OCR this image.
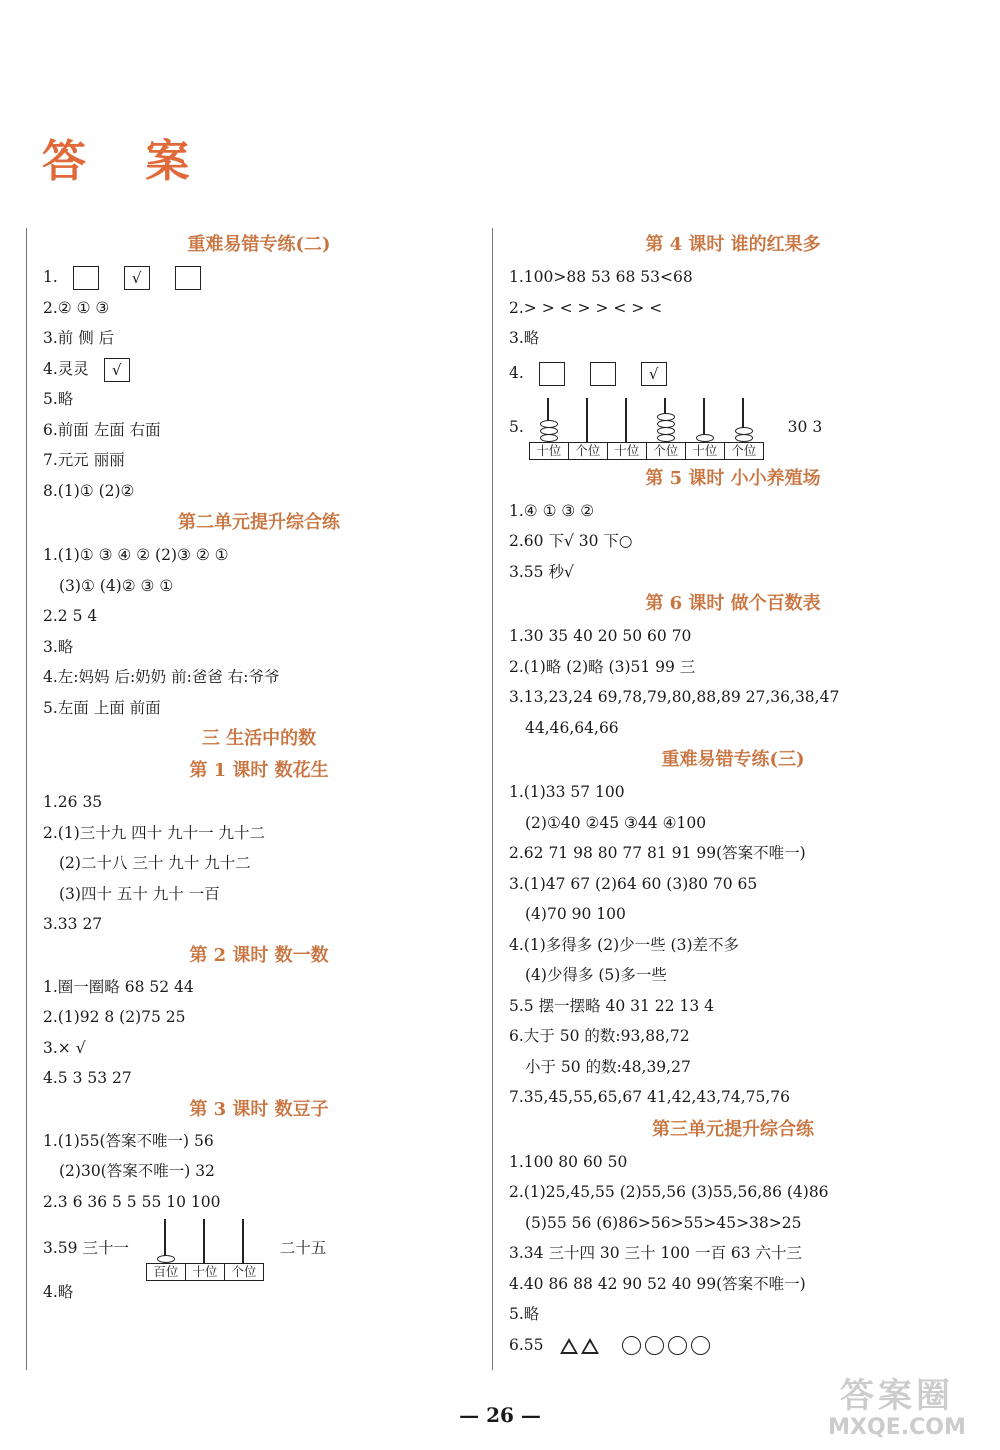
答 案
重难易错专练(二)
1.	√
2.② ① ③
3.前 侧 后
4.灵灵 √
5.略
6.前面 左面 右面
7.元元 丽丽
8.(1)① (2)②
第二单元提升综合练
1.(1)① ③ ④ ② (2)③ ② ①
(3)① (4)② ③ ①
2.2 5 4
3.略
4.左:妈妈 后:奶奶 前:爸爸 右:爷爷
5.左面 上面 前面
三 生活中的数
第 1 课时 数花生
1.26 35
2.(1)三十九 四十 九十一 九十二
(2)二十八 三十 九十 九十二
(3)四十 五十 九十 一百
3.33 27
第 2 课时 数一数
1.圈一圈略 68 52 44
2.(1)92 8 (2)75 25
3.× √
4.5 3 53 27
第 3 课时 数豆子
1.(1)55(答案不唯一) 56
(2)30(答案不唯一) 32
2.3 6 36 5 5 55 10 100
3.59 三十一
百位	十位	个位
二十五
4.略
第 4 课时 谁的红果多
1.100>88 53 68 53<68
2.> > < > > < > <
3.略
4.	√
5.
十位	个位	十位	个位	十位	个位
30 3
第 5 课时 小小养殖场
1.④ ① ③ ②
2.60 下√ 30 下○
3.55 秒√
第 6 课时 做个百数表
1.30 35 40 20 50 60 70
2.(1)略 (2)略 (3)51 99 三
3.13,23,24 69,78,79,80,88,89 27,36,38,47
44,46,64,66
重难易错专练(三)
1.(1)33 57 100
(2)①40 ②45 ③44 ④100
2.62 71 98 80 77 81 91 99(答案不唯一)
3.(1)47 67 (2)64 60 (3)80 70 65
(4)70 90 100
4.(1)多得多 (2)少一些 (3)差不多
(4)少得多 (5)多一些
5.5 摆一摆略 40 31 22 13 4
6.大于 50 的数:93,88,72
小于 50 的数:48,39,27
7.35,45,55,65,67 41,42,43,74,75,76
第三单元提升综合练
1.100 80 60 50
2.(1)25,45,55 (2)55,56 (3)55,56,86 (4)86
(5)55 56 (6)86>56>55>45>38>25
3.34 三十四 30 三十 100 一百 63 六十三
4.40 86 88 42 90 52 40 99(答案不唯一)
5.略
6.55
— 26 —	答案圈
MXQE.COM
